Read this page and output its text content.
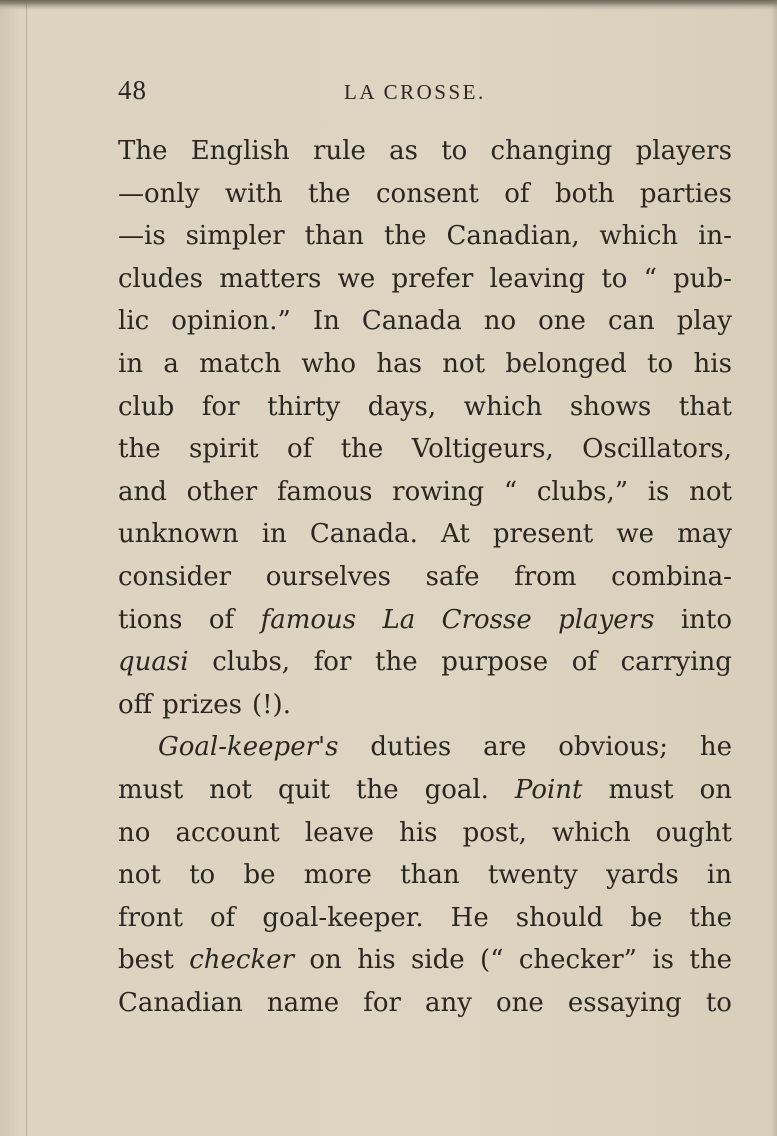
48	LA CROSSE.
The English rule as to changing players
—only with the consent of both parties
—is simpler than the Canadian, which in-
cludes matters we prefer leaving to “ pub-
lic opinion.” In Canada no one can play
in a match who has not belonged to his
club for thirty days, which shows that
the spirit of the Voltigeurs, Oscillators,
and other famous rowing “ clubs,” is not
unknown in Canada. At present we may
consider ourselves safe from combina-
tions of famous La Crosse players into
quasi clubs, for the purpose of carrying
off prizes (!).
Goal-keeper's duties are obvious; he
must not quit the goal. Point must on
no account leave his post, which ought
not to be more than twenty yards in
front of goal-keeper. He should be the
best checker on his side (“ checker” is the
Canadian name for any one essaying to
